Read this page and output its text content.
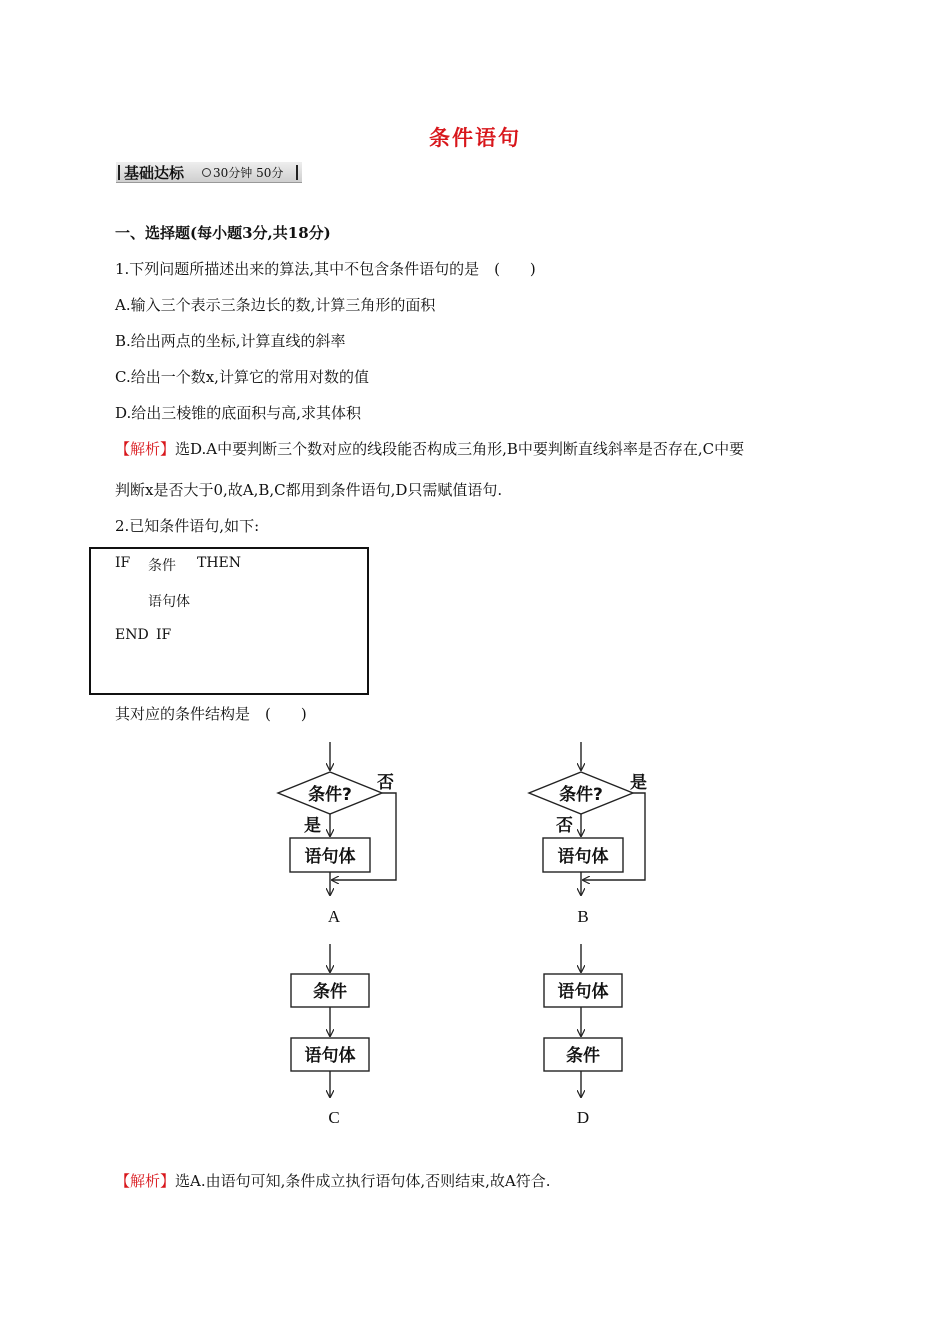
条件语句
基础达标 30分钟 50分
一、选择题(每小题3分,共18分)
1.下列问题所描述出来的算法,其中不包含条件语句的是　(　　)
A.输入三个表示三条边长的数,计算三角形的面积
B.给出两点的坐标,计算直线的斜率
C.给出一个数x,计算它的常用对数的值
D.给出三棱锥的底面积与高,求其体积
【解析】选D.A中要判断三个数对应的线段能否构成三角形,B中要判断直线斜率是否存在,C中要
判断x是否大于0,故A,B,C都用到条件语句,D只需赋值语句.
2.已知条件语句,如下:
IF 条件 THEN
语句体
END IF
其对应的条件结构是　(　　)
条件?
否
是
语句体
条件?
是
否
语句体
条件
语句体
语句体
条件
A	B
C	D
【解析】选A.由语句可知,条件成立执行语句体,否则结束,故A符合.
